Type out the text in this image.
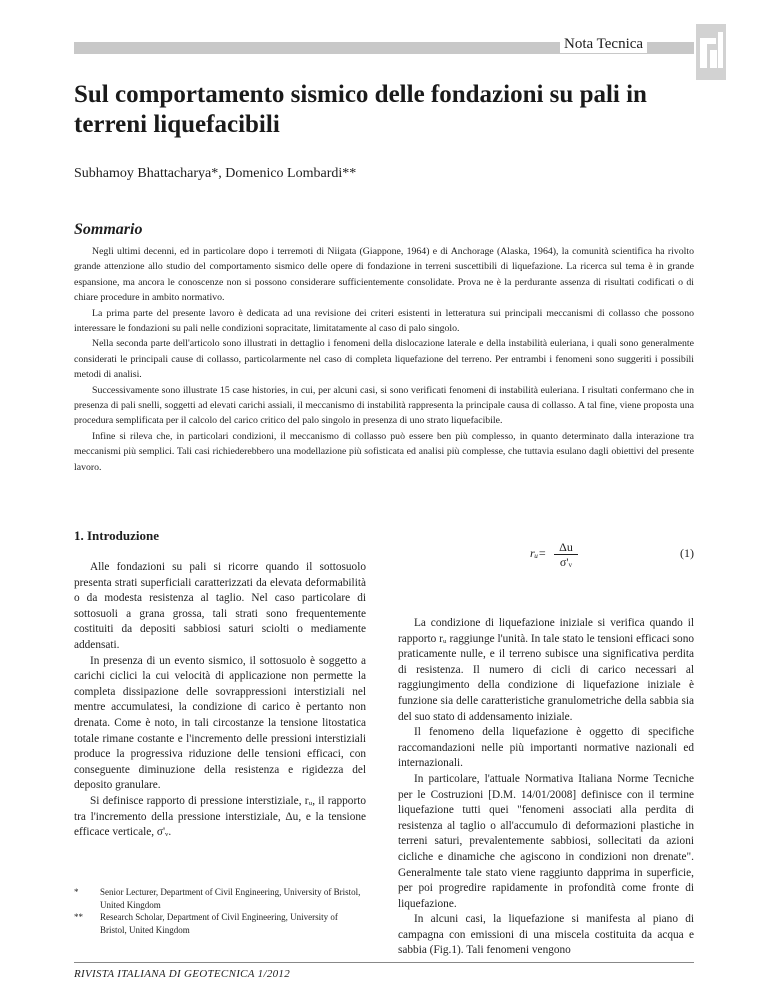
Nota Tecnica
Sul comportamento sismico delle fondazioni su pali in terreni liquefacibili
Subhamoy Bhattacharya*, Domenico Lombardi**
Sommario

Negli ultimi decenni, ed in particolare dopo i terremoti di Niigata (Giappone, 1964) e di Anchorage (Alaska, 1964), la comunità scientifica ha rivolto grande attenzione allo studio del comportamento sismico delle opere di fondazione in terreni suscettibili di liquefazione. La ricerca sul tema è in grande espansione, ma ancora le conoscenze non si possono considerare sufficientemente consolidate. Prova ne è la perdurante assenza di risultati codificati o di chiare procedure in ambito normativo.

La prima parte del presente lavoro è dedicata ad una revisione dei criteri esistenti in letteratura sui principali meccanismi di collasso che possono interessare le fondazioni su pali nelle condizioni sopracitate, limitatamente al caso di palo singolo.

Nella seconda parte dell'articolo sono illustrati in dettaglio i fenomeni della dislocazione laterale e della instabilità euleriana, i quali sono generalmente considerati le principali cause di collasso, particolarmente nel caso di completa liquefazione del terreno. Per entrambi i fenomeni sono suggeriti i possibili metodi di analisi.

Successivamente sono illustrate 15 case histories, in cui, per alcuni casi, si sono verificati fenomeni di instabilità euleriana. I risultati confermano che in presenza di pali snelli, soggetti ad elevati carichi assiali, il meccanismo di instabilità rappresenta la principale causa di collasso. A tal fine, viene proposta una procedura semplificata per il calcolo del carico critico del palo singolo in presenza di uno strato liquefacibile.

Infine si rileva che, in particolari condizioni, il meccanismo di collasso può essere ben più complesso, in quanto determinato dalla interazione tra meccanismi più semplici. Tali casi richiederebbero una modellazione più sofisticata ed analisi più complesse, che tuttavia esulano dagli obiettivi del presente lavoro.

1. Introduzione

Alle fondazioni su pali si ricorre quando il sottosuolo presenta strati superficiali caratterizzati da elevata deformabilità o da modesta resistenza al taglio. Nel caso particolare di sottosuoli a grana grossa, tali strati sono frequentemente costituiti da depositi sabbiosi saturi sciolti o mediamente addensati.

In presenza di un evento sismico, il sottosuolo è soggetto a carichi ciclici la cui velocità di applicazione non permette la completa dissipazione delle sovrappressioni interstiziali nel mentre accumulatesi, la condizione di carico è pertanto non drenata. Come è noto, in tali circostanze la tensione litostatica totale rimane costante e l'incremento delle pressioni interstiziali produce la progressiva riduzione delle tensioni efficaci, con conseguente diminuzione della resistenza e rigidezza del deposito granulare.

Si definisce rapporto di pressione interstiziale, rᵤ, il rapporto tra l'incremento della pressione interstiziale, Δu, e la tensione efficace verticale, σ'ᵥ.

rᵤ= $\frac{\Delta u}{\text{σ'ᵥ}}$	(1)

La condizione di liquefazione iniziale si verifica quando il rapporto rᵤ raggiunge l'unità. In tale stato le tensioni efficaci sono praticamente nulle, e il terreno subisce una significativa perdita di resistenza. Il numero di cicli di carico necessari al raggiungimento della condizione di liquefazione iniziale è funzione sia delle caratteristiche granulometriche della sabbia sia del suo stato di addensamento iniziale.

Il fenomeno della liquefazione è oggetto di specifiche raccomandazioni nelle più importanti normative nazionali ed internazionali.

In particolare, l'attuale Normativa Italiana Norme Tecniche per le Costruzioni [D.M. 14/01/2008] definisce con il termine liquefazione tutti quei "fenomeni associati alla perdita di resistenza al taglio o all'accumulo di deformazioni plastiche in terreni saturi, prevalentemente sabbiosi, sollecitati da azioni cicliche e dinamiche che agiscono in condizioni non drenate". Generalmente tale stato viene raggiunto dapprima in superficie, per poi progredire rapidamente in profondità come fronte di liquefazione.

In alcuni casi, la liquefazione si manifesta al piano di campagna con emissioni di una miscela costituita da acqua e sabbia (Fig.1). Tali fenomeni vengono

* Senior Lecturer, Department of Civil Engineering, University of Bristol, United Kingdom
** Research Scholar, Department of Civil Engineering, University of Bristol, United Kingdom
RIVISTA ITALIANA DI GEOTECNICA 1/2012
